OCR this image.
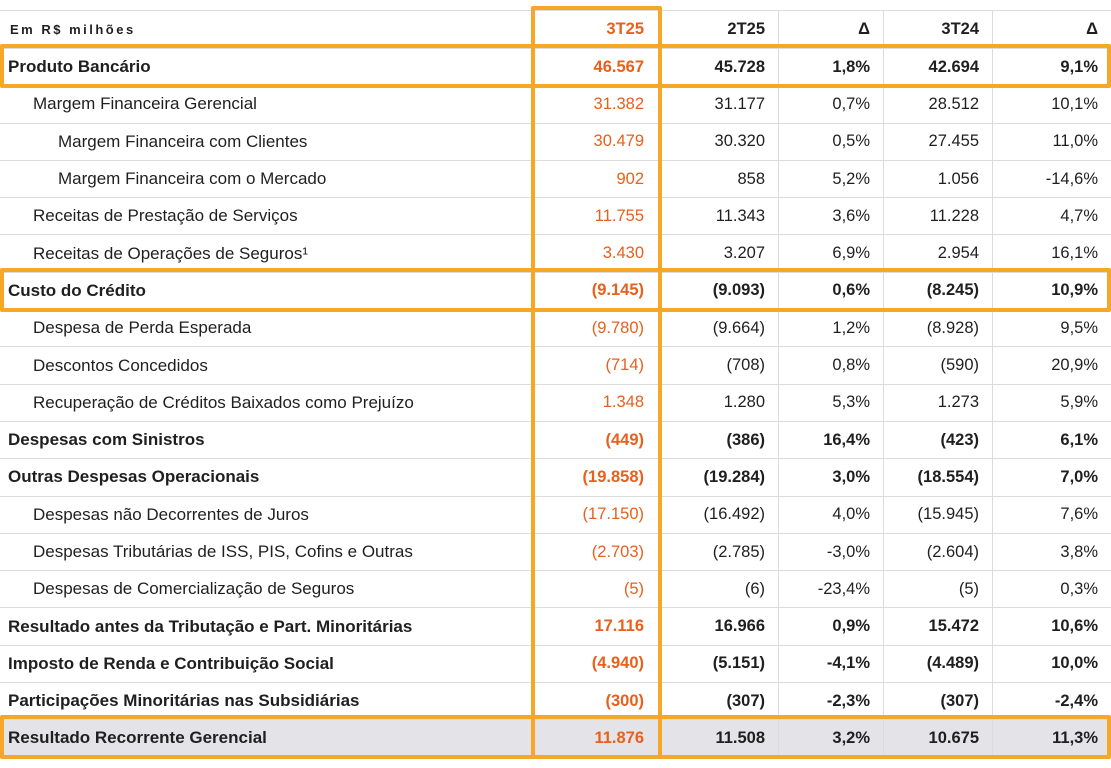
Em R$ milhões	3T25	2T25	Δ	3T24	Δ
Produto Bancário	46.567	45.728	1,8%	42.694	9,1%
Margem Financeira Gerencial	31.382	31.177	0,7%	28.512	10,1%
Margem Financeira com Clientes	30.479	30.320	0,5%	27.455	11,0%
Margem Financeira com o Mercado	902	858	5,2%	1.056	-14,6%
Receitas de Prestação de Serviços	11.755	11.343	3,6%	11.228	4,7%
Receitas de Operações de Seguros¹	3.430	3.207	6,9%	2.954	16,1%
Custo do Crédito	(9.145)	(9.093)	0,6%	(8.245)	10,9%
Despesa de Perda Esperada	(9.780)	(9.664)	1,2%	(8.928)	9,5%
Descontos Concedidos	(714)	(708)	0,8%	(590)	20,9%
Recuperação de Créditos Baixados como Prejuízo	1.348	1.280	5,3%	1.273	5,9%
Despesas com Sinistros	(449)	(386)	16,4%	(423)	6,1%
Outras Despesas Operacionais	(19.858)	(19.284)	3,0%	(18.554)	7,0%
Despesas não Decorrentes de Juros	(17.150)	(16.492)	4,0%	(15.945)	7,6%
Despesas Tributárias de ISS, PIS, Cofins e Outras	(2.703)	(2.785)	-3,0%	(2.604)	3,8%
Despesas de Comercialização de Seguros	(5)	(6)	-23,4%	(5)	0,3%
Resultado antes da Tributação e Part. Minoritárias	17.116	16.966	0,9%	15.472	10,6%
Imposto de Renda e Contribuição Social	(4.940)	(5.151)	-4,1%	(4.489)	10,0%
Participações Minoritárias nas Subsidiárias	(300)	(307)	-2,3%	(307)	-2,4%
Resultado Recorrente Gerencial	11.876	11.508	3,2%	10.675	11,3%
